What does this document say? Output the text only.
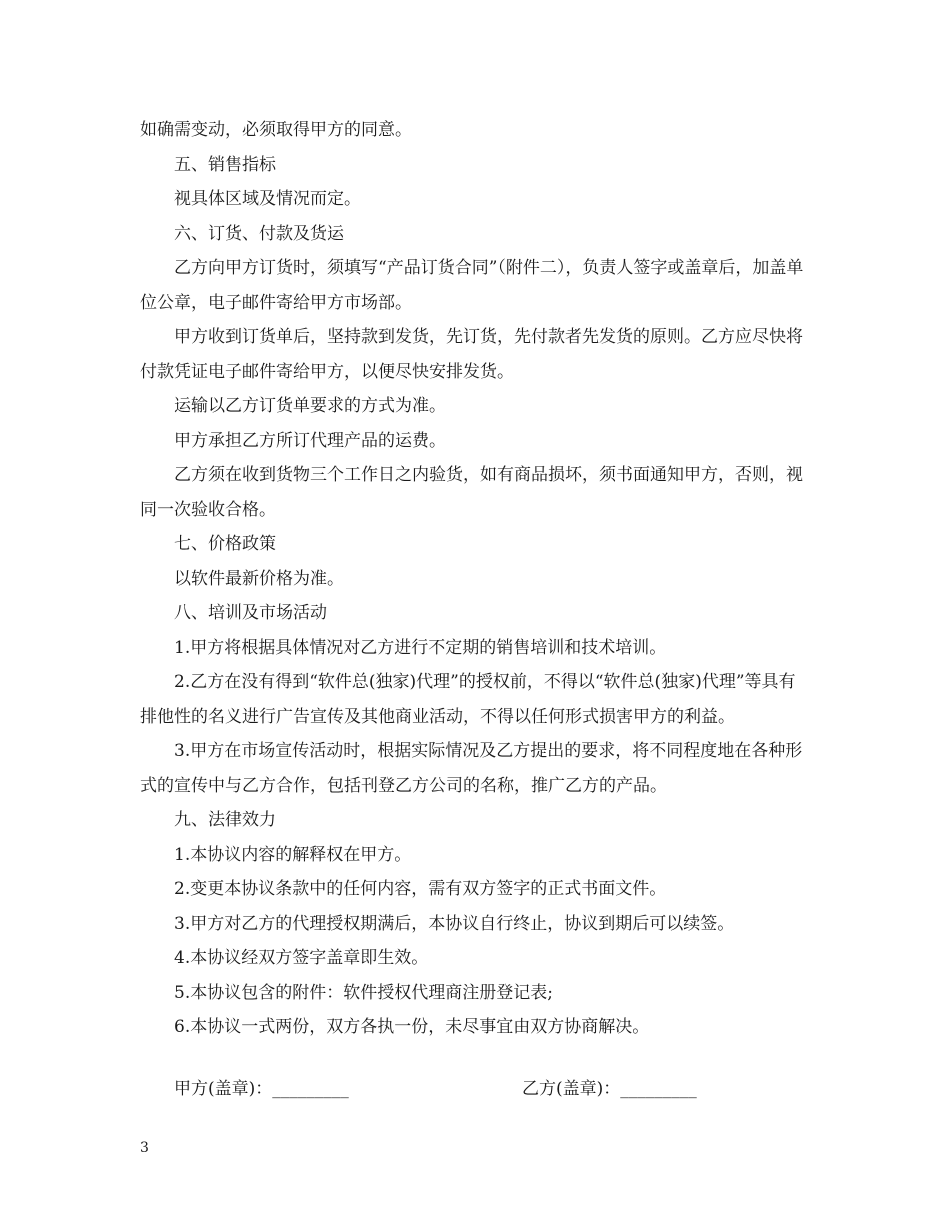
如确需变动，必须取得甲方的同意。

五、销售指标

视具体区域及情况而定。

六、订货、付款及货运

乙方向甲方订货时，须填写“产品订货合同”（附件二），负责人签字或盖章后，加盖单位公章，电子邮件寄给甲方市场部。

甲方收到订货单后，坚持款到发货，先订货，先付款者先发货的原则。乙方应尽快将付款凭证电子邮件寄给甲方，以便尽快安排发货。

运输以乙方订货单要求的方式为准。

甲方承担乙方所订代理产品的运费。

乙方须在收到货物三个工作日之内验货，如有商品损坏，须书面通知甲方，否则，视同一次验收合格。

七、价格政策

以软件最新价格为准。

八、培训及市场活动

1.甲方将根据具体情况对乙方进行不定期的销售培训和技术培训。

2.乙方在没有得到“软件总(独家)代理”的授权前，不得以“软件总(独家)代理”等具有排他性的名义进行广告宣传及其他商业活动，不得以任何形式损害甲方的利益。

3.甲方在市场宣传活动时，根据实际情况及乙方提出的要求，将不同程度地在各种形式的宣传中与乙方合作，包括刊登乙方公司的名称，推广乙方的产品。

九、法律效力

1.本协议内容的解释权在甲方。

2.变更本协议条款中的任何内容，需有双方签字的正式书面文件。

3.甲方对乙方的代理授权期满后，本协议自行终止，协议到期后可以续签。

4.本协议经双方签字盖章即生效。

5.本协议包含的附件：软件授权代理商注册登记表;

6.本协议一式两份，双方各执一份，未尽事宜由双方协商解决。

甲方(盖章)：_________	乙方(盖章)：_________
3
